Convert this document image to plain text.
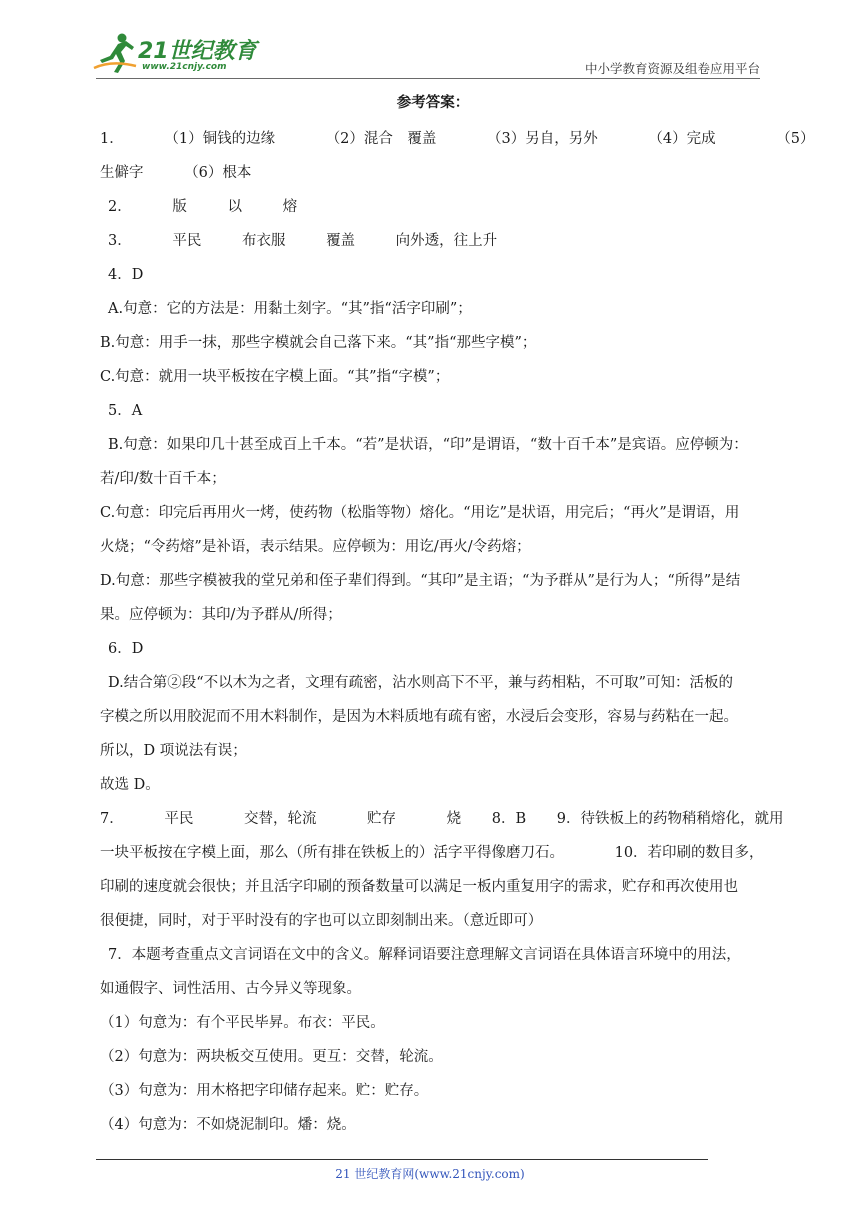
21世纪教育
www.21cnjy.com	中小学教育资源及组卷应用平台
参考答案：
1．	（1）铜钱的边缘	（2）混合　覆盖	（3）另自，另外	（4）完成	（5）
生僻字	（6）根本
2．	版	以	熔
3．	平民	布衣服	覆盖	向外透，往上升
4．D
A.句意：它的方法是：用黏土刻字。“其”指“活字印刷”；
B.句意：用手一抹，那些字模就会自己落下来。“其”指“那些字模”；
C.句意：就用一块平板按在字模上面。“其”指“字模”；
5．A
B.句意：如果印几十甚至成百上千本。“若”是状语，“印”是谓语，“数十百千本”是宾语。应停顿为：
若/印/数十百千本；
C.句意：印完后再用火一烤，使药物（松脂等物）熔化。“用讫”是状语，用完后；“再火”是谓语，用
火烧；“令药熔”是补语，表示结果。应停顿为：用讫/再火/令药熔；
D.句意：那些字模被我的堂兄弟和侄子辈们得到。“其印”是主语；“为予群从”是行为人；“所得”是结
果。应停顿为：其印/为予群从/所得；
6．D
D.结合第②段“不以木为之者，文理有疏密，沾水则高下不平，兼与药相粘，不可取”可知：活板的
字模之所以用胶泥而不用木料制作，是因为木料质地有疏有密，水浸后会变形，容易与药粘在一起。
所以，D 项说法有误；
故选 D。
7．	平民	交替，轮流	贮存	烧 8．B 9．待铁板上的药物稍稍熔化，就用
一块平板按在字模上面，那么（所有排在铁板上的）活字平得像磨刀石。	10．若印刷的数目多，
印刷的速度就会很快；并且活字印刷的预备数量可以满足一板内重复用字的需求，贮存和再次使用也
很便捷，同时，对于平时没有的字也可以立即刻制出来。（意近即可）
7．本题考查重点文言词语在文中的含义。解释词语要注意理解文言词语在具体语言环境中的用法，
如通假字、词性活用、古今异义等现象。
（1）句意为：有个平民毕昇。布衣：平民。
（2）句意为：两块板交互使用。更互：交替，轮流。
（3）句意为：用木格把字印储存起来。贮：贮存。
（4）句意为：不如烧泥制印。燔：烧。
21 世纪教育网(www.21cnjy.com)
